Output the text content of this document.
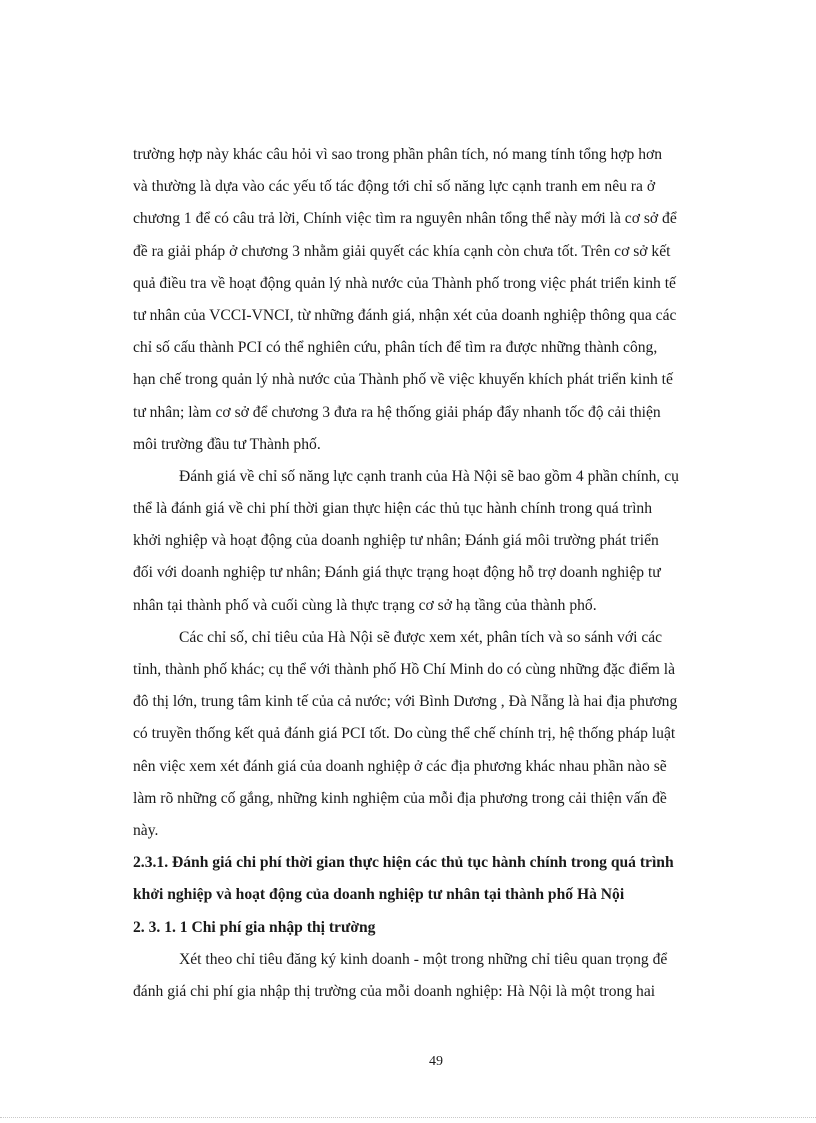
trường hợp này khác câu hỏi vì sao trong phần phân tích, nó mang tính tổng hợp hơn
và thường là dựa vào các yếu tố tác động tới chỉ số năng lực cạnh tranh em nêu ra ở
chương 1 để có câu trả lời, Chính việc tìm ra nguyên nhân tổng thể này mới là cơ sở để
đề ra giải pháp ở chương 3 nhằm giải quyết các khía cạnh còn chưa tốt. Trên cơ sở kết
quả điều tra về hoạt động quản lý nhà nước của Thành phố trong việc phát triển kinh tế
tư nhân của VCCI-VNCI, từ những đánh giá, nhận xét của doanh nghiệp thông qua các
chỉ số cấu thành PCI có thể nghiên cứu, phân tích để tìm ra được những thành công,
hạn chế trong quản lý nhà nước của Thành phố về việc khuyến khích phát triển kinh tế
tư nhân; làm cơ sở để chương 3 đưa ra hệ thống giải pháp đẩy nhanh tốc độ cải thiện
môi trường đầu tư Thành phố.
Đánh giá về chỉ số năng lực cạnh tranh của Hà Nội sẽ bao gồm 4 phần chính, cụ
thể là đánh giá về chi phí thời gian thực hiện các thủ tục hành chính trong quá trình
khởi nghiệp và hoạt động của doanh nghiệp tư nhân; Đánh giá môi trường phát triển
đối với doanh nghiệp tư nhân; Đánh giá thực trạng hoạt động hỗ trợ doanh nghiệp tư
nhân tại thành phố và cuối cùng là thực trạng cơ sở hạ tầng của thành phố.
Các chỉ số, chỉ tiêu của Hà Nội sẽ được xem xét, phân tích và so sánh với các
tỉnh, thành phố khác; cụ thể với thành phố Hồ Chí Minh do có cùng những đặc điểm là
đô thị lớn, trung tâm kinh tế của cả nước; với Bình Dương , Đà Nẵng là hai địa phương
có truyền thống kết quả đánh giá PCI tốt. Do cùng thể chế chính trị, hệ thống pháp luật
nên việc xem xét đánh giá của doanh nghiệp ở các địa phương khác nhau phần nào sẽ
làm rõ những cố gắng, những kinh nghiệm của mỗi địa phương trong cải thiện vấn đề
này.
2.3.1. Đánh giá chi phí thời gian thực hiện các thủ tục hành chính trong quá trình
khởi nghiệp và hoạt động của doanh nghiệp tư nhân tại thành phố Hà Nội
2. 3. 1. 1 Chi phí gia nhập thị trường
Xét theo chỉ tiêu đăng ký kinh doanh - một trong những chỉ tiêu quan trọng để
đánh giá chi phí gia nhập thị trường của mỗi doanh nghiệp: Hà Nội là một trong hai
49
